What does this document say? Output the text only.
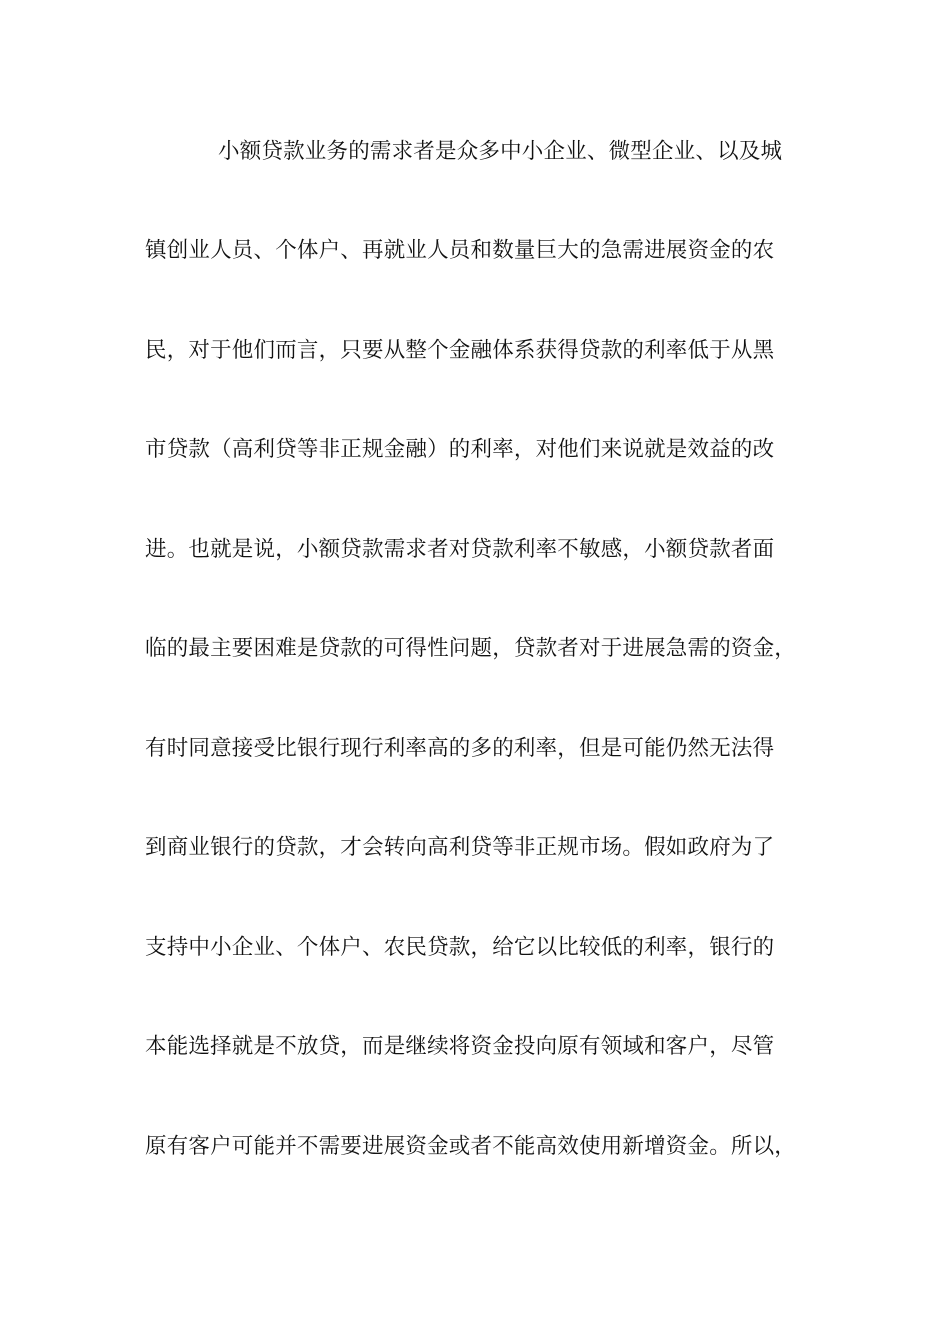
小额贷款业务的需求者是众多中小企业、微型企业、以及城
镇创业人员、个体户、再就业人员和数量巨大的急需进展资金的农
民，对于他们而言，只要从整个金融体系获得贷款的利率低于从黑
市贷款（高利贷等非正规金融）的利率，对他们来说就是效益的改
进。也就是说，小额贷款需求者对贷款利率不敏感，小额贷款者面
临的最主要困难是贷款的可得性问题，贷款者对于进展急需的资金，
有时同意接受比银行现行利率高的多的利率，但是可能仍然无法得
到商业银行的贷款，才会转向高利贷等非正规市场。假如政府为了
支持中小企业、个体户、农民贷款，给它以比较低的利率，银行的
本能选择就是不放贷，而是继续将资金投向原有领域和客户，尽管
原有客户可能并不需要进展资金或者不能高效使用新增资金。所以，
